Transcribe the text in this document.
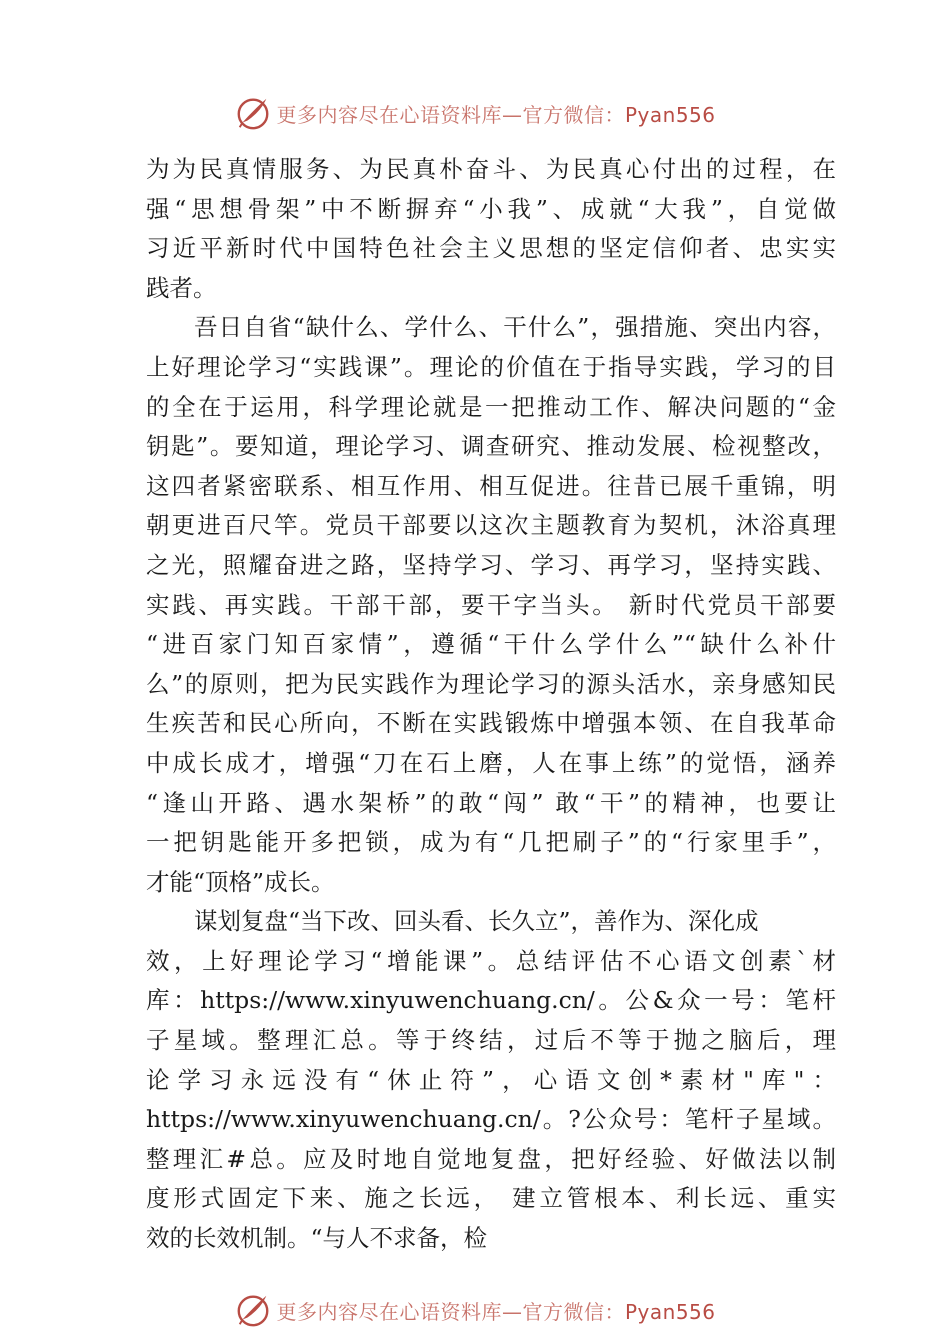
更多内容尽在心语资料库—官方微信：Pyan556
为为民真情服务、为民真朴奋斗、为民真心付出的过程，在
强“思想骨架”中不断摒弃“小我”、成就“大我”，自觉做
习近平新时代中国特色社会主义思想的坚定信仰者、忠实实
践者。
吾日自省“缺什么、学什么、干什么”，强措施、突出内容，
上好理论学习“实践课”。理论的价值在于指导实践，学习的目
的全在于运用，科学理论就是一把推动工作、解决问题的“金
钥匙”。要知道，理论学习、调查研究、推动发展、检视整改，
这四者紧密联系、相互作用、相互促进。往昔已展千重锦，明
朝更进百尺竿。党员干部要以这次主题教育为契机，沐浴真理
之光，照耀奋进之路，坚持学习、学习、再学习，坚持实践、
实践、再实践。干部干部，要干字当头。 新时代党员干部要
“进百家门知百家情”，遵循“干什么学什么”“缺什么补什
么”的原则，把为民实践作为理论学习的源头活水，亲身感知民
生疾苦和民心所向，不断在实践锻炼中增强本领、在自我革命
中成长成才，增强“刀在石上磨，人在事上练”的觉悟，涵养
“逢山开路、遇水架桥”的敢“闯” 敢“干”的精神，也要让
一把钥匙能开多把锁，成为有“几把刷子”的“行家里手”，
才能“顶格”成长。
谋划复盘“当下改、回头看、长久立”，善作为、深化成
效，上好理论学习“增能课”。总结评估不心语文创素`材
库：https://www.xinyuwenchuang.cn/。公&众一号：笔杆
子星域。整理汇总。等于终结，过后不等于抛之脑后，理
论学习永远没有“休止符”，心语文创*素材"库"：
https://www.xinyuwenchuang.cn/。?公众号：笔杆子星域。
整理汇#总。应及时地自觉地复盘，把好经验、好做法以制
度形式固定下来、施之长远， 建立管根本、利长远、重实
效的长效机制。“与人不求备，检
更多内容尽在心语资料库—官方微信：Pyan556
